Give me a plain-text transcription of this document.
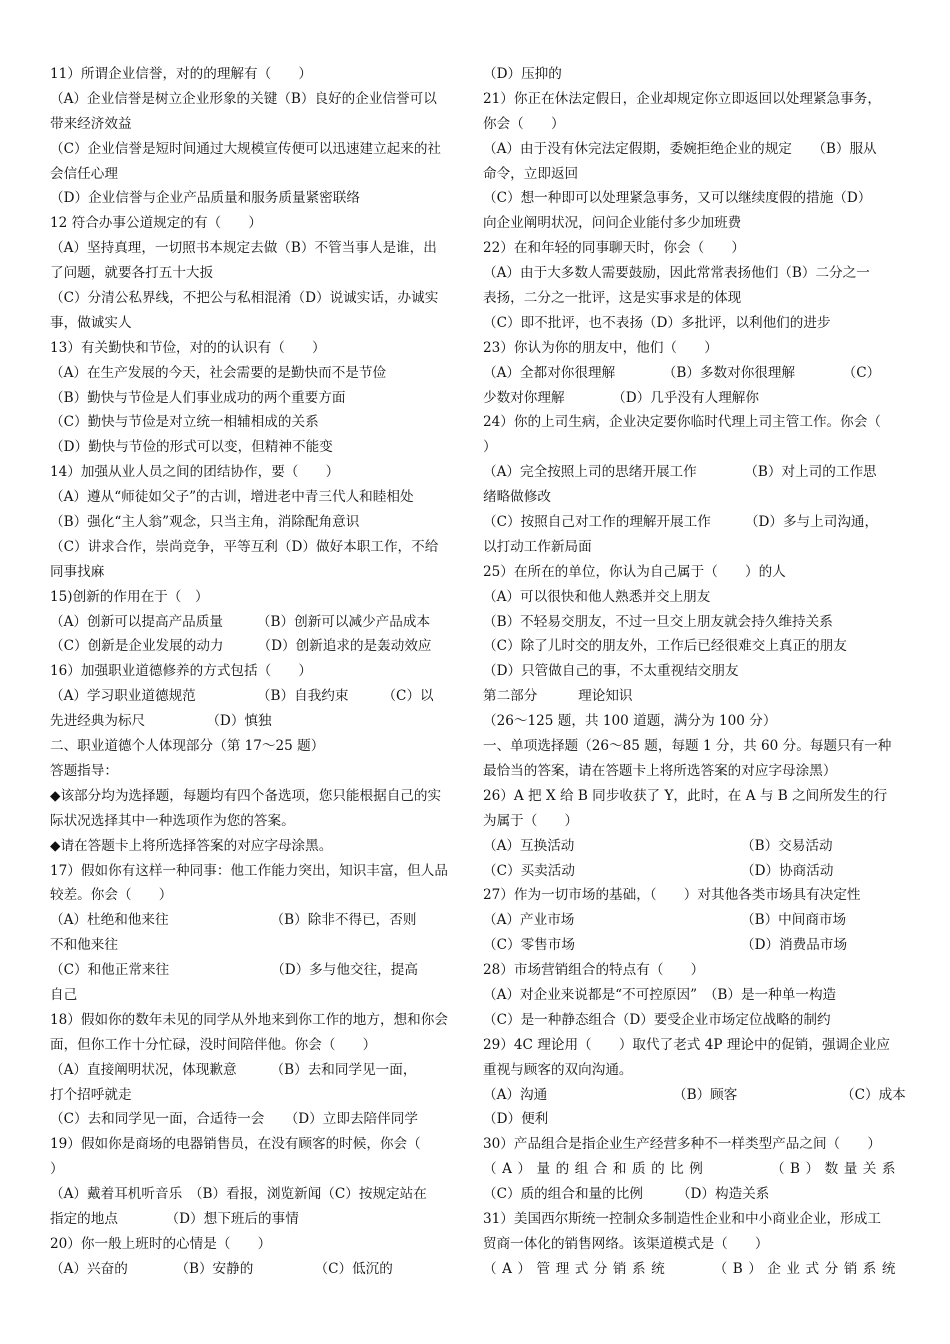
11）所谓企业信誉，对的的理解有（　　）
（A）企业信誉是树立企业形象的关键（B）良好的企业信誉可以
带来经济效益
（C）企业信誉是短时间通过大规模宣传便可以迅速建立起来的社
会信任心理
（D）企业信誉与企业产品质量和服务质量紧密联络
12 符合办事公道规定的有（　　）
（A）坚持真理，一切照书本规定去做（B）不管当事人是谁，出
了问题，就要各打五十大扳
（C）分清公私界线，不把公与私相混淆（D）说诚实话，办诚实
事，做诚实人
13）有关勤快和节俭，对的的认识有（　　）
（A）在生产发展的今天，社会需要的是勤快而不是节俭
（B）勤快与节俭是人们事业成功的两个重要方面
（C）勤快与节俭是对立统一相辅相成的关系
（D）勤快与节俭的形式可以变，但精神不能变
14）加强从业人员之间的团结协作，要（　　）
（A）遵从“师徒如父子”的古训，增进老中青三代人和睦相处
（B）强化“主人翁”观念，只当主角，消除配角意识
（C）讲求合作，崇尚竞争，平等互利（D）做好本职工作，不给
同事找麻
15)创新的作用在于（　）
（A）创新可以提高产品质量　　　（B）创新可以减少产品成本
（C）创新是企业发展的动力　　　（D）创新追求的是轰动效应
16）加强职业道德修养的方式包括（　　）
（A）学习职业道德规范　　　　　（B）自我约束　　　（C）以
先进经典为标尺　　　　　（D）慎独
二、职业道德个人体现部分（第 17～25 题）
答题指导：
◆该部分均为选择题，每题均有四个备选项，您只能根据自己的实
际状况选择其中一种选项作为您的答案。
◆请在答题卡上将所选择答案的对应字母涂黑。
17）假如你有这样一种同事：他工作能力突出，知识丰富，但人品
较差。你会（　　）
（A）杜绝和他来往　　　　　　　　（B）除非不得已，否则
不和他来往
（C）和他正常来往　　　　　　　　（D）多与他交往，提高
自己
18）假如你的数年未见的同学从外地来到你工作的地方，想和你会
面，但你工作十分忙碌，没时间陪伴他。你会（　　）
（A）直接阐明状况，体现歉意　　　（B）去和同学见一面，
打个招呼就走
（C）去和同学见一面，合适待一会　　（D）立即去陪伴同学
19）假如你是商场的电器销售员，在没有顾客的时候，你会（
）
（A）戴着耳机听音乐　（B）看报，浏览新闻（C）按规定站在
指定的地点　　　　（D）想下班后的事情
20）你一般上班时的心情是（　　）
（A）兴奋的　　　　（B）安静的　　　　　（C）低沉的
（D）压抑的
21）你正在休法定假日，企业却规定你立即返回以处理紧急事务，
你会（　　）
（A）由于没有休完法定假期，委婉拒绝企业的规定　　（B）服从
命令，立即返回
（C）想一种即可以处理紧急事务，又可以继续度假的措施（D）
向企业阐明状况，问问企业能付多少加班费
22）在和年轻的同事聊天时，你会（　　）
（A）由于大多数人需要鼓励，因此常常表扬他们（B）二分之一
表扬，二分之一批评，这是实事求是的体现
（C）即不批评，也不表扬（D）多批评，以利他们的进步
23）你认为你的朋友中，他们（　　）
（A）全都对你很理解　　　　（B）多数对你很理解　　　　（C）
少数对你理解　　　　（D）几乎没有人理解你
24）你的上司生病，企业决定要你临时代理上司主管工作。你会（
）
（A）完全按照上司的思绪开展工作　　　　（B）对上司的工作思
绪略做修改
（C）按照自己对工作的理解开展工作　　　（D）多与上司沟通，
以打动工作新局面
25）在所在的单位，你认为自己属于（　　）的人
（A）可以很快和他人熟悉并交上朋友
（B）不轻易交朋友，不过一旦交上朋友就会持久维持关系
（C）除了儿时交的朋友外，工作后已经很难交上真正的朋友
（D）只管做自己的事，不太重视结交朋友
第二部分　　　理论知识
（26～125 题，共 100 道题，满分为 100 分）
一、单项选择题（26～85 题，每题 1 分，共 60 分。每题只有一种
最恰当的答案，请在答题卡上将所选答案的对应字母涂黑）
26）A 把 X 给 B 同步收获了 Y，此时，在 A 与 B 之间所发生的行
为属于（　　）
（A）互换活动	（B）交易活动
（C）买卖活动	（D）协商活动
27）作为一切市场的基础，（　　）对其他各类市场具有决定性
（A）产业市场	（B）中间商市场
（C）零售市场	（D）消费品市场
28）市场营销组合的特点有（　　）
（A）对企业来说都是“不可控原因”　（B）是一种单一构造
（C）是一种静态组合（D）要受企业市场定位战略的制约
29）4C 理论用（　　）取代了老式 4P 理论中的促销，强调企业应
重视与顾客的双向沟通。
（A）沟通	（B）顾客	（C）成本
（D）便利
30）产品组合是指企业生产经营多种不一样类型产品之间（　　）
（A）量的组合和质的比例	（B）数量关系
（C）质的组合和量的比例　　　（D）构造关系
31）美国西尔斯统一控制众多制造性企业和中小商业企业，形成工
贸商一体化的销售网络。该渠道模式是（　　）
（A）管理式分销系统	（B）企业式分销系统
